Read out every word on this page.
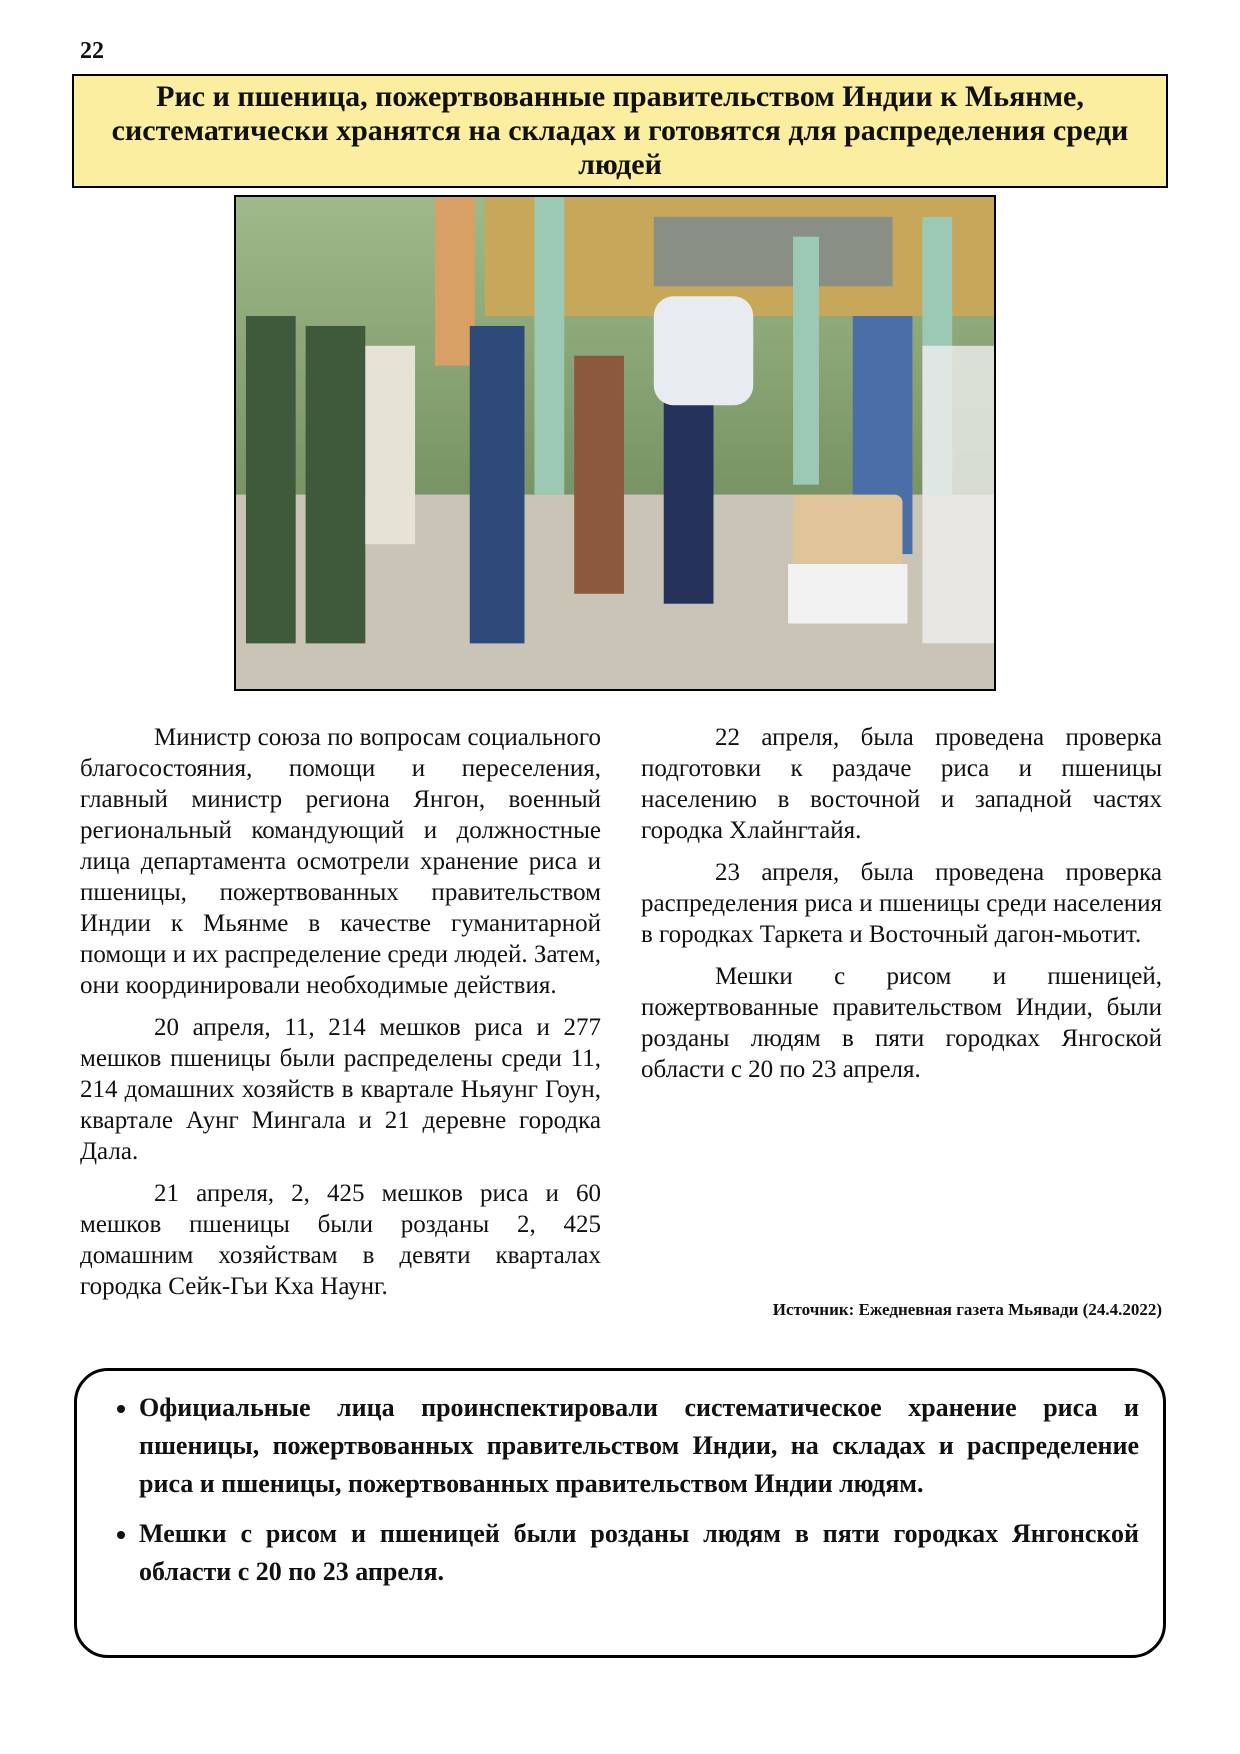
22
Рис и пшеница, пожертвованные правительством Индии к Мьянме, систематически хранятся на складах и готовятся для распределения среди людей

Министр союза по вопросам социального благосостояния, помощи и переселения, главный министр региона Янгон, военный региональный командующий и должностные лица департамента осмотрели хранение риса и пшеницы, пожертвованных правительством Индии к Мьянме в качестве гуманитарной помощи и их распределение среди людей. Затем, они координировали необходимые действия.

20 апреля, 11, 214 мешков риса и 277 мешков пшеницы были распределены среди 11, 214 домашних хозяйств в квартале Ньяунг Гоун, квартале Аунг Мингала и 21 деревне городка Дала.

21 апреля, 2, 425 мешков риса и 60 мешков пшеницы были розданы 2, 425 домашним хозяйствам в девяти кварталах городка Сейк-Гьи Кха Наунг.

22 апреля, была проведена проверка подготовки к раздаче риса и пшеницы населению в восточной и западной частях городка Хлайнгтайя.

23 апреля, была проведена проверка распределения риса и пшеницы среди населения в городках Таркета и Восточный дагон-мьотит.

Мешки с рисом и пшеницей, пожертвованные правительством Индии, были розданы людям в пяти городках Янгоской области с 20 по 23 апреля.

Источник: Ежедневная газета Мьявади (24.4.2022)
• Официальные лица проинспектировали систематическое хранение риса и пшеницы, пожертвованных правительством Индии, на складах и распределение риса и пшеницы, пожертвованных правительством Индии людям.
• Мешки с рисом и пшеницей были розданы людям в пяти городках Янгонской области с 20 по 23 апреля.
